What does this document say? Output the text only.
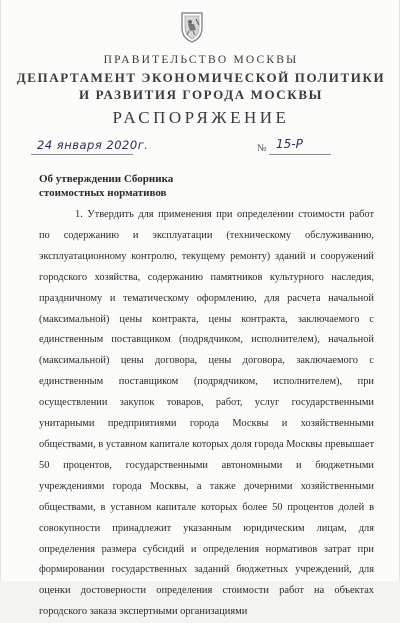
ПРАВИТЕЛЬСТВО МОСКВЫ
ДЕПАРТАМЕНТ ЭКОНОМИЧЕСКОЙ ПОЛИТИКИ
И РАЗВИТИЯ ГОРОДА МОСКВЫ
РАСПОРЯЖЕНИЕ
24 января 2020г.	№ 15-Р
Об утверждении Сборника
стоимостных нормативов

1. Утвердить для применения при определении стоимости работ по содержанию и эксплуатации (техническому обслуживанию, эксплуатационному контролю, текущему ремонту) зданий и сооружений городского хозяйства, содержанию памятников культурного наследия, праздничному и тематическому оформлению, для расчета начальной (максимальной) цены контракта, цены контракта, заключаемого с единственным поставщиком (подрядчиком, исполнителем), начальной (максимальной) цены договора, цены договора, заключаемого с единственным поставщиком (подрядчиком, исполнителем), при осуществлении закупок товаров, работ, услуг государственными унитарными предприятиями города Москвы и хозяйственными обществами, в уставном капитале которых доля города Москвы превышает 50 процентов, государственными автономными и бюджетными учреждениями города Москвы, а также дочерними хозяйственными обществами, в уставном капитале которых более 50 процентов долей в совокупности принадлежит указанным юридическим лицам, для определения размера субсидий и определения нормативов затрат при формировании государственных заданий бюджетных учреждений, для оценки достоверности определения стоимости работ на объектах городского заказа экспертными организациями
